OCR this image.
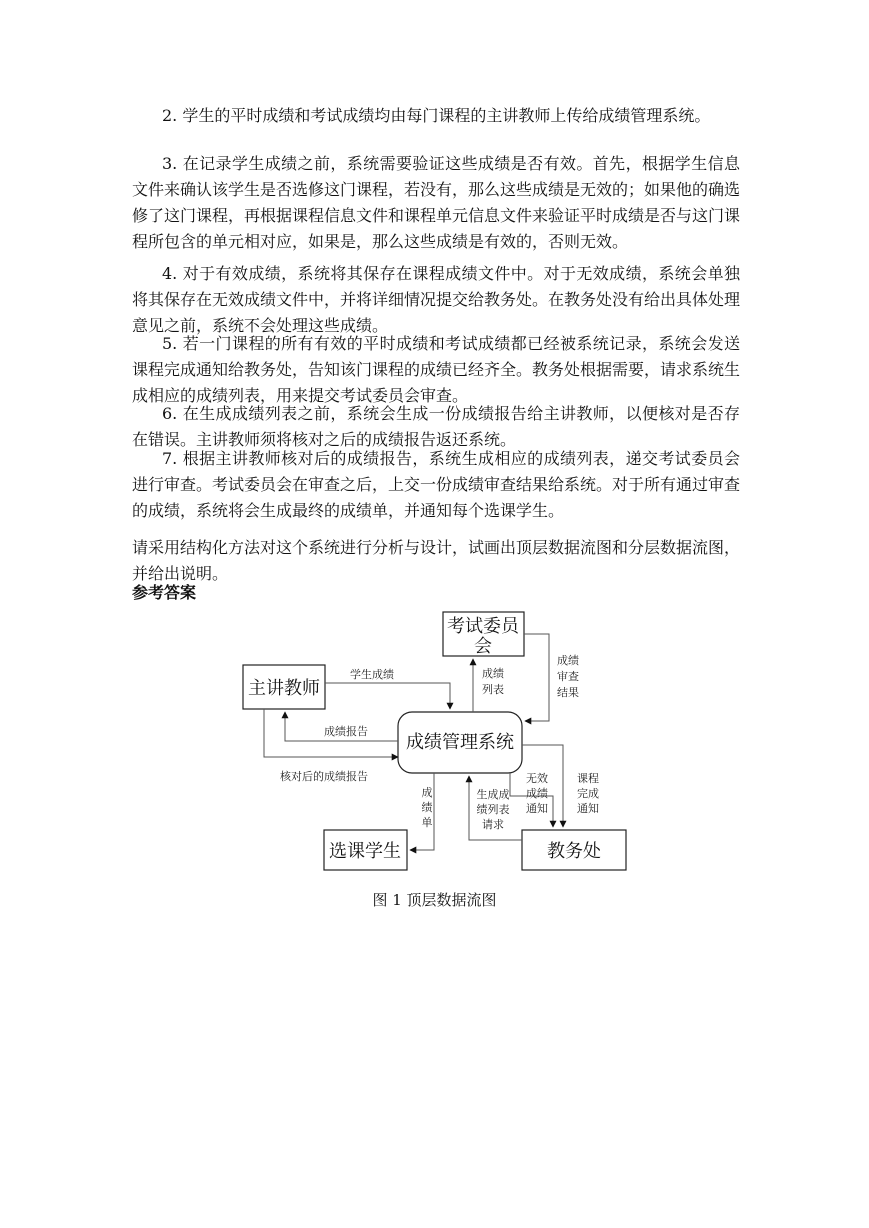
2. 学生的平时成绩和考试成绩均由每门课程的主讲教师上传给成绩管理系统。

3. 在记录学生成绩之前，系统需要验证这些成绩是否有效。首先，根据学生信息文件来确认该学生是否选修这门课程，若没有，那么这些成绩是无效的；如果他的确选修了这门课程，再根据课程信息文件和课程单元信息文件来验证平时成绩是否与这门课程所包含的单元相对应，如果是，那么这些成绩是有效的，否则无效。

4. 对于有效成绩，系统将其保存在课程成绩文件中。对于无效成绩，系统会单独将其保存在无效成绩文件中，并将详细情况提交给教务处。在教务处没有给出具体处理意见之前，系统不会处理这些成绩。

5. 若一门课程的所有有效的平时成绩和考试成绩都已经被系统记录，系统会发送课程完成通知给教务处，告知该门课程的成绩已经齐全。教务处根据需要，请求系统生成相应的成绩列表，用来提交考试委员会审查。

6. 在生成成绩列表之前，系统会生成一份成绩报告给主讲教师，以便核对是否存在错误。主讲教师须将核对之后的成绩报告返还系统。

7. 根据主讲教师核对后的成绩报告，系统生成相应的成绩列表，递交考试委员会进行审查。考试委员会在审查之后，上交一份成绩审查结果给系统。对于所有通过审查的成绩，系统将会生成最终的成绩单，并通知每个选课学生。

请采用结构化方法对这个系统进行分析与设计，试画出顶层数据流图和分层数据流图，并给出说明。

参考答案

考试委员
会
主讲教师
成绩管理系统
选课学生	教务处
学生成绩
成绩报告
核对后的成绩报告
成绩
列表
成绩
审查
结果
成
绩
单
生成成
绩列表
请求
无效
成绩
通知
课程
完成
通知
图 1 顶层数据流图
